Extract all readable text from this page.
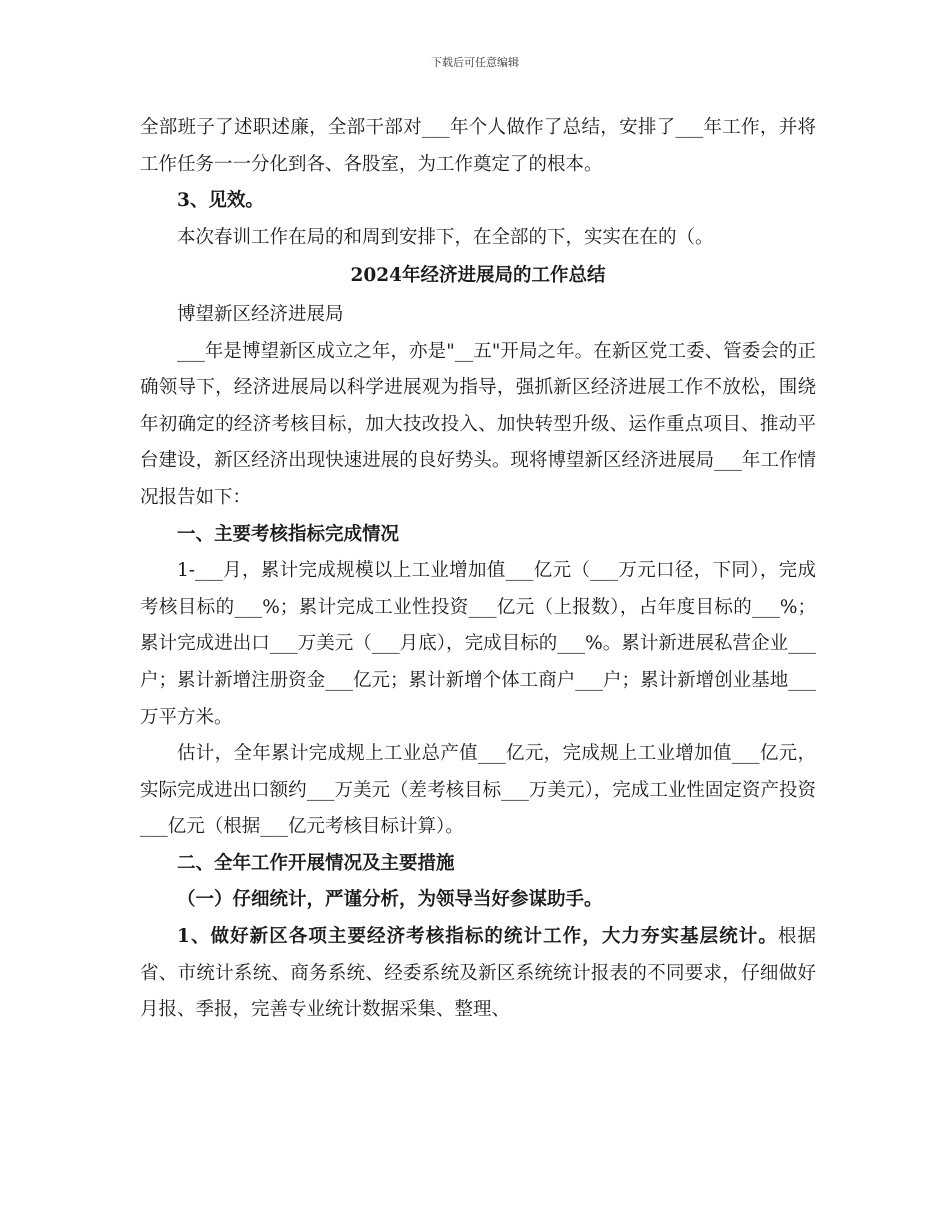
下载后可任意编辑

全部班子了述职述廉，全部干部对___年个人做作了总结，安排了___年工作，并将工作任务一一分化到各、各股室，为工作奠定了的根本。

3、见效。

本次春训工作在局的和周到安排下，在全部的下，实实在在的（。

2024年经济进展局的工作总结

博望新区经济进展局

___年是博望新区成立之年，亦是"__五"开局之年。在新区党工委、管委会的正确领导下，经济进展局以科学进展观为指导，强抓新区经济进展工作不放松，围绕年初确定的经济考核目标，加大技改投入、加快转型升级、运作重点项目、推动平台建设，新区经济出现快速进展的良好势头。现将博望新区经济进展局___年工作情况报告如下：

一、主要考核指标完成情况

1-___月，累计完成规模以上工业增加值___亿元（___万元口径，下同），完成考核目标的___%；累计完成工业性投资___亿元（上报数），占年度目标的___%；累计完成进出口___万美元（___月底），完成目标的___%。累计新进展私营企业___户；累计新增注册资金___亿元；累计新增个体工商户___户；累计新增创业基地___万平方米。

估计，全年累计完成规上工业总产值___亿元，完成规上工业增加值___亿元，实际完成进出口额约___万美元（差考核目标___万美元），完成工业性固定资产投资___亿元（根据___亿元考核目标计算）。

二、全年工作开展情况及主要措施

（一）仔细统计，严谨分析，为领导当好参谋助手。

1、做好新区各项主要经济考核指标的统计工作，大力夯实基层统计。根据省、市统计系统、商务系统、经委系统及新区系统统计报表的不同要求，仔细做好月报、季报，完善专业统计数据采集、整理、
